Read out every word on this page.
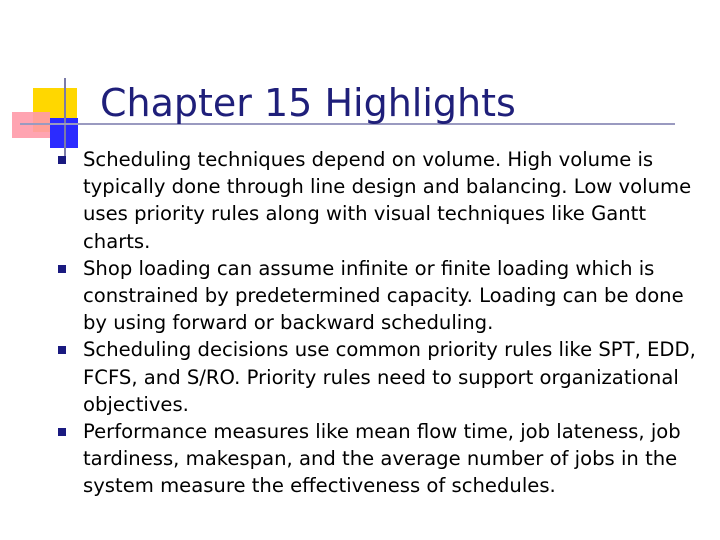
Chapter 15 Highlights
Scheduling techniques depend on volume. High volume is typically done through line design and balancing. Low volume uses priority rules along with visual techniques like Gantt charts.
Shop loading can assume infinite or finite loading which is constrained by predetermined capacity. Loading can be done by using forward or backward scheduling.
Scheduling decisions use common priority rules like SPT, EDD, FCFS, and S/RO. Priority rules need to support organizational objectives.
Performance measures like mean flow time, job lateness, job tardiness, makespan, and the average number of jobs in the system measure the effectiveness of schedules.
